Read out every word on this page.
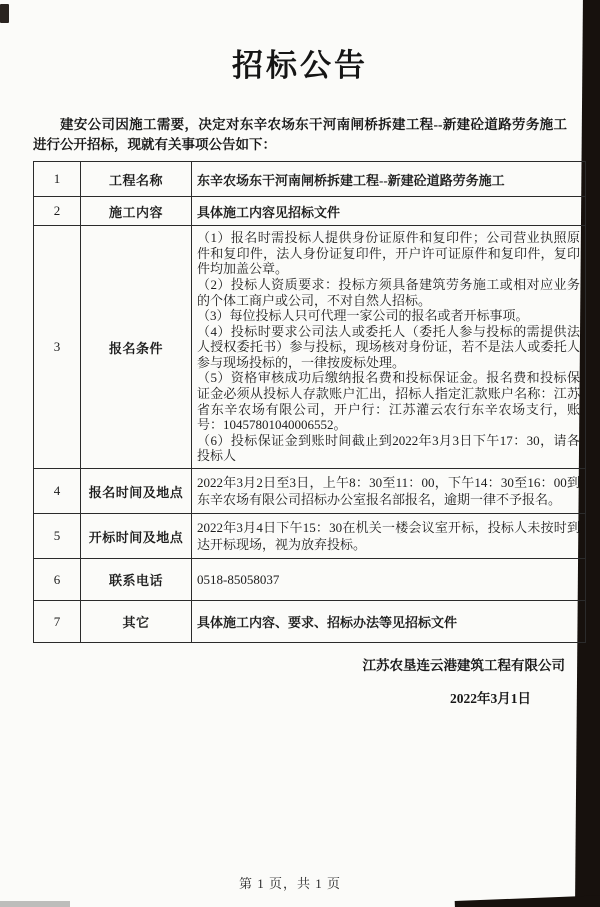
招标公告

建安公司因施工需要，决定对东辛农场东干河南闸桥拆建工程--新建砼道路劳务施工进行公开招标，现就有关事项公告如下：

1	工程名称	东辛农场东干河南闸桥拆建工程--新建砼道路劳务施工
2	施工内容	具体施工内容见招标文件
3	报名条件	
（1）报名时需投标人提供身份证原件和复印件；公司营业执照原件和复印件，法人身份证复印件，开户许可证原件和复印件，复印件均加盖公章。
（2）投标人资质要求：投标方须具备建筑劳务施工或相对应业务的个体工商户或公司，不对自然人招标。
（3）每位投标人只可代理一家公司的报名或者开标事项。
（4）投标时要求公司法人或委托人（委托人参与投标的需提供法人授权委托书）参与投标，现场核对身份证，若不是法人或委托人参与现场投标的，一律按废标处理。
（5）资格审核成功后缴纳报名费和投标保证金。报名费和投标保证金必须从投标人存款账户汇出，招标人指定汇款账户名称：江苏省东辛农场有限公司，开户行：江苏灌云农行东辛农场支行，账号：10457801040006552。
（6）投标保证金到账时间截止到2022年3月3日下午17：30，请各投标人

4	报名时间及地点	2022年3月2日至3日，上午8：30至11：00，下午14：30至16：00到东辛农场有限公司招标办公室报名部报名，逾期一律不予报名。
5	开标时间及地点	2022年3月4日下午15：30在机关一楼会议室开标，投标人未按时到达开标现场，视为放弃投标。
6	联系电话	0518-85058037
7	其它	具体施工内容、要求、招标办法等见招标文件
江苏农垦连云港建筑工程有限公司
2022年3月1日
第 1 页，共 1 页
